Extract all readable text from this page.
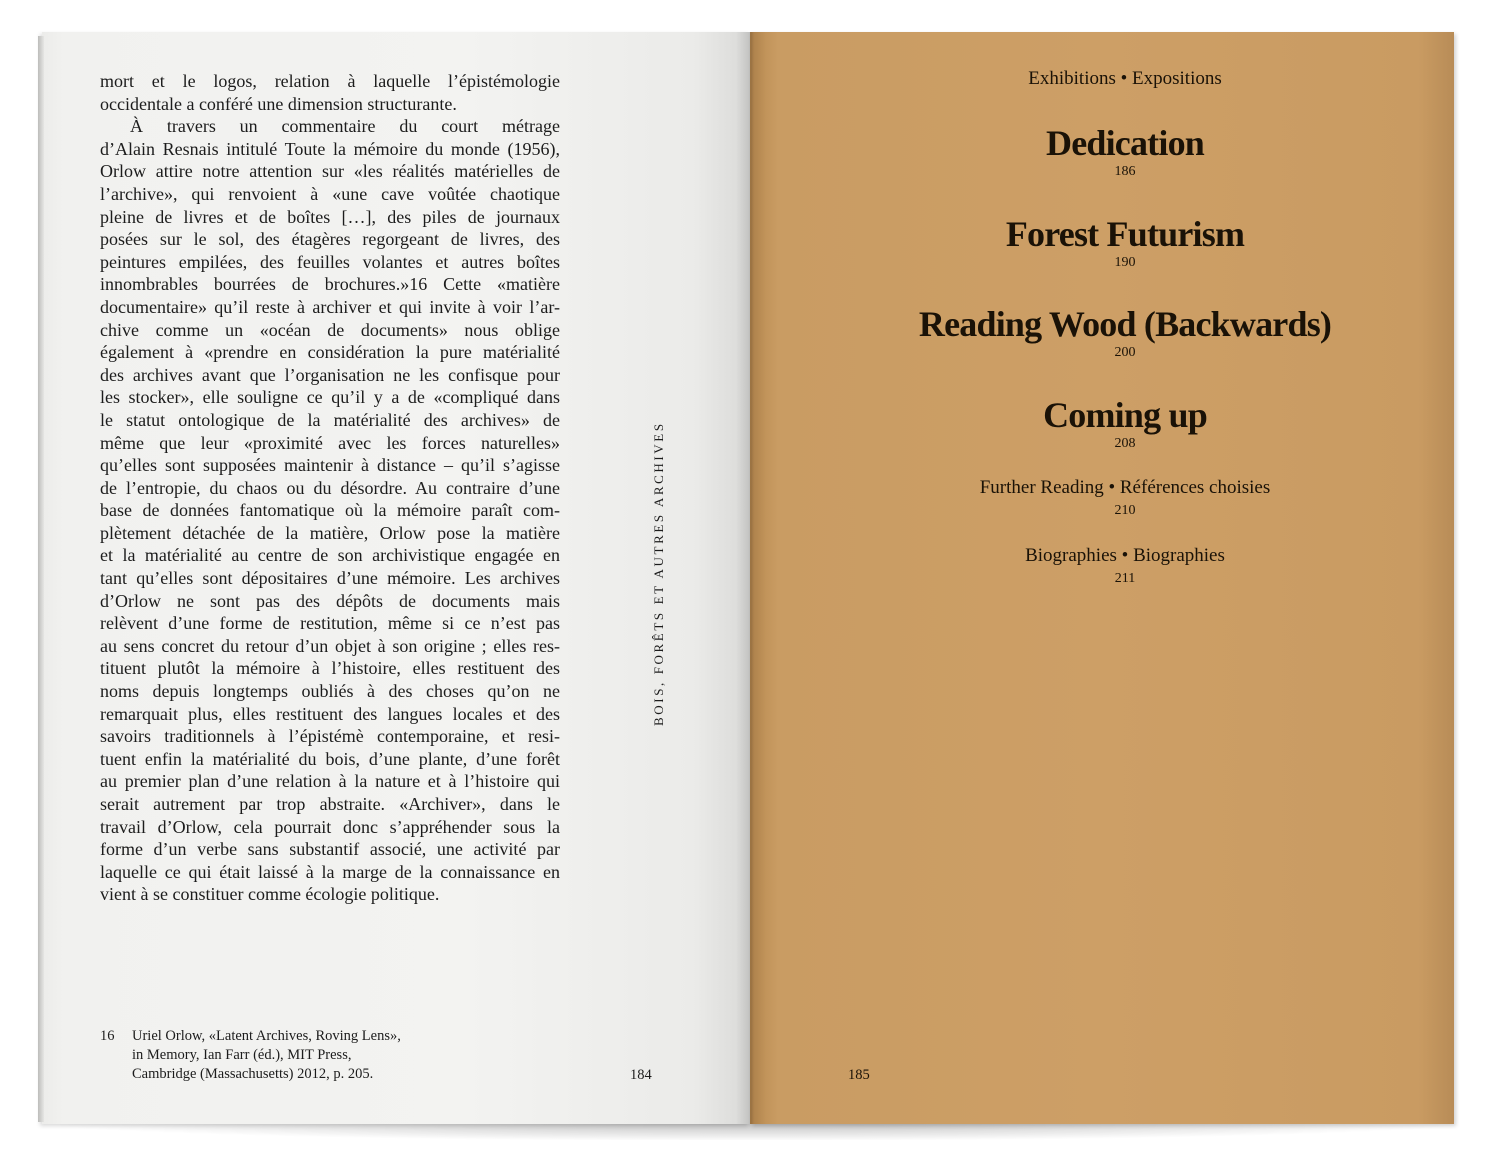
mort et le logos, relation à laquelle l’épistémologie
occidentale a conféré une dimension structurante.

À travers un commentaire du court métrage
d’Alain Resnais intitulé Toute la mémoire du monde (1956),
Orlow attire notre attention sur «les réalités matérielles de
l’archive», qui renvoient à «une cave voûtée chaotique
pleine de livres et de boîtes […], des piles de journaux
posées sur le sol, des étagères regorgeant de livres, des
peintures empilées, des feuilles volantes et autres boîtes
innombrables bourrées de brochures.»16 Cette «matière
documentaire» qu’il reste à archiver et qui invite à voir l’ar-
chive comme un «océan de documents» nous oblige
également à «prendre en considération la pure matérialité
des archives avant que l’organisation ne les confisque pour
les stocker», elle souligne ce qu’il y a de «compliqué dans
le statut ontologique de la matérialité des archives» de
même que leur «proximité avec les forces naturelles»
qu’elles sont supposées maintenir à distance – qu’il s’agisse
de l’entropie, du chaos ou du désordre. Au contraire d’une
base de données fantomatique où la mémoire paraît com-
plètement détachée de la matière, Orlow pose la matière
et la matérialité au centre de son archivistique engagée en
tant qu’elles sont dépositaires d’une mémoire. Les archives
d’Orlow ne sont pas des dépôts de documents mais
relèvent d’une forme de restitution, même si ce n’est pas
au sens concret du retour d’un objet à son origine ; elles res-
tituent plutôt la mémoire à l’histoire, elles restituent des
noms depuis longtemps oubliés à des choses qu’on ne
remarquait plus, elles restituent des langues locales et des
savoirs traditionnels à l’épistémè contemporaine, et resi-
tuent enfin la matérialité du bois, d’une plante, d’une forêt
au premier plan d’une relation à la nature et à l’histoire qui
serait autrement par trop abstraite. «Archiver», dans le
travail d’Orlow, cela pourrait donc s’appréhender sous la
forme d’un verbe sans substantif associé, une activité par
laquelle ce qui était laissé à la marge de la connaissance en
vient à se constituer comme écologie politique.

16 Uriel Orlow, «Latent Archives, Roving Lens»,
in Memory, Ian Farr (éd.), MIT Press,
Cambridge (Massachusetts) 2012, p. 205.
BOIS, FORÊTS ET AUTRES ARCHIVES
184
Exhibitions • Expositions
Dedication
186
Forest Futurism
190
Reading Wood (Backwards)
200
Coming up
208
Further Reading • Références choisies
210
Biographies • Biographies
211
185
